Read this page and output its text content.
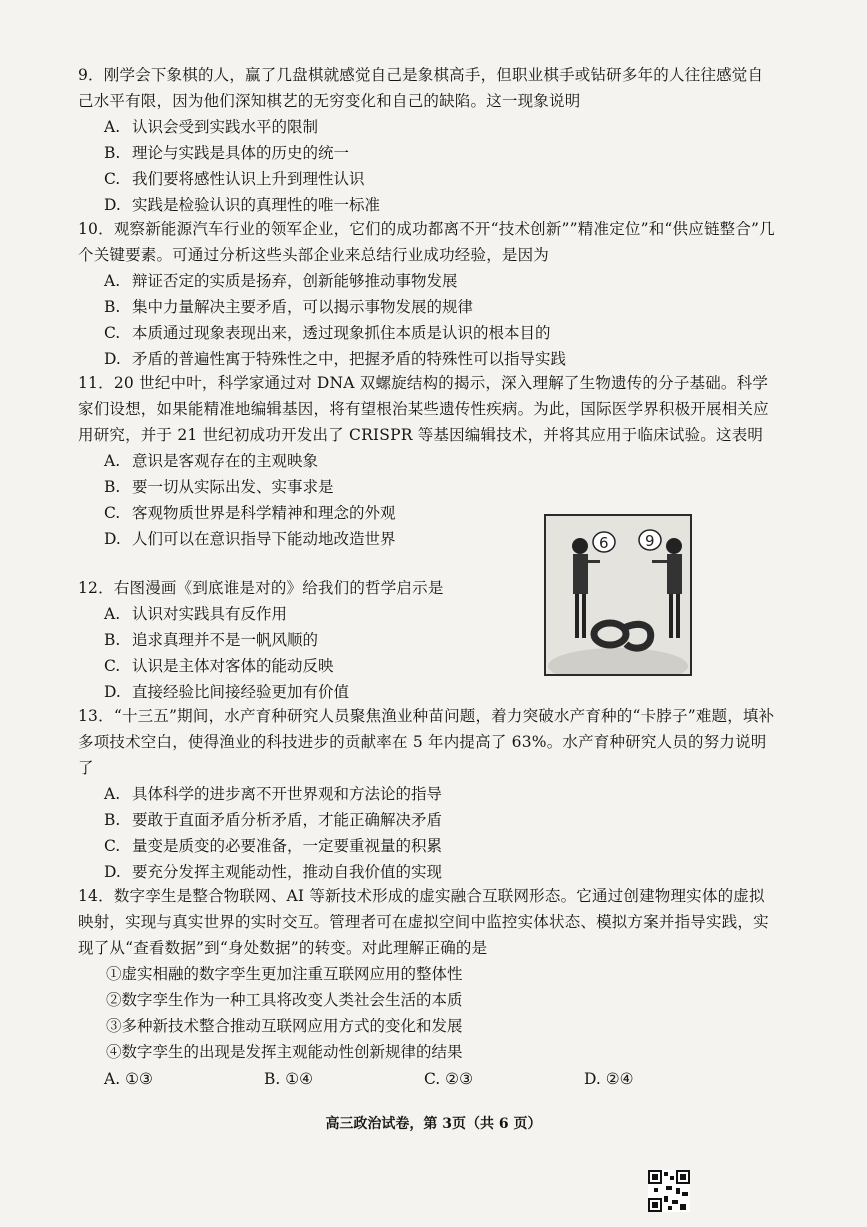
9．刚学会下象棋的人，赢了几盘棋就感觉自己是象棋高手，但职业棋手或钻研多年的人往往感觉自己水平有限，因为他们深知棋艺的无穷变化和自己的缺陷。这一现象说明
A. 认识会受到实践水平的限制
B. 理论与实践是具体的历史的统一
C. 我们要将感性认识上升到理性认识
D. 实践是检验认识的真理性的唯一标准
10．观察新能源汽车行业的领军企业，它们的成功都离不开“技术创新””精准定位”和“供应链整合”几个关键要素。可通过分析这些头部企业来总结行业成功经验，是因为
A. 辩证否定的实质是扬弃，创新能够推动事物发展
B. 集中力量解决主要矛盾，可以揭示事物发展的规律
C. 本质通过现象表现出来，透过现象抓住本质是认识的根本目的
D. 矛盾的普遍性寓于特殊性之中，把握矛盾的特殊性可以指导实践
11．20 世纪中叶，科学家通过对 DNA 双螺旋结构的揭示，深入理解了生物遗传的分子基础。科学家们设想，如果能精准地编辑基因，将有望根治某些遗传性疾病。为此，国际医学界积极开展相关应用研究，并于 21 世纪初成功开发出了 CRISPR 等基因编辑技术，并将其应用于临床试验。这表明
A. 意识是客观存在的主观映象
B. 要一切从实际出发、实事求是
C. 客观物质世界是科学精神和理念的外观
D. 人们可以在意识指导下能动地改造世界
12．右图漫画《到底谁是对的》给我们的哲学启示是
A. 认识对实践具有反作用
B. 追求真理并不是一帆风顺的
C. 认识是主体对客体的能动反映
D. 直接经验比间接经验更加有价值
6 9
13．“十三五”期间，水产育种研究人员聚焦渔业种苗问题，着力突破水产育种的“卡脖子”难题，填补多项技术空白，使得渔业的科技进步的贡献率在 5 年内提高了 63%。水产育种研究人员的努力说明了
A. 具体科学的进步离不开世界观和方法论的指导
B. 要敢于直面矛盾分析矛盾，才能正确解决矛盾
C. 量变是质变的必要准备，一定要重视量的积累
D. 要充分发挥主观能动性，推动自我价值的实现
14．数字孪生是整合物联网、AI 等新技术形成的虚实融合互联网形态。它通过创建物理实体的虚拟映射，实现与真实世界的实时交互。管理者可在虚拟空间中监控实体状态、模拟方案并指导实践，实现了从“查看数据”到“身处数据”的转变。对此理解正确的是
①虚实相融的数字孪生更加注重互联网应用的整体性
②数字孪生作为一种工具将改变人类社会生活的本质
③多种新技术整合推动互联网应用方式的变化和发展
④数字孪生的出现是发挥主观能动性创新规律的结果
A. ①③	B. ①④	C. ②③	D. ②④
高三政治试卷，第 3页（共 6 页）
